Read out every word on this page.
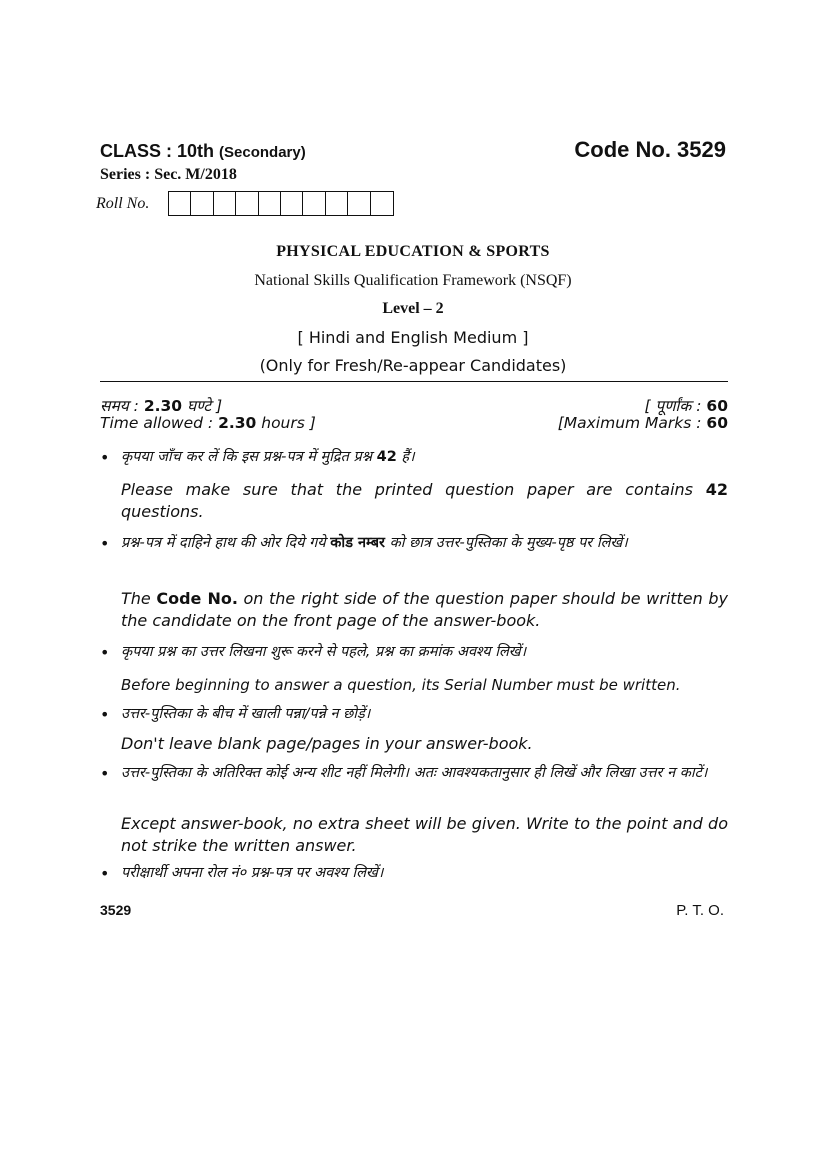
CLASS : 10th (Secondary)	Code No. 3529
Series : Sec. M/2018
Roll No.
PHYSICAL EDUCATION & SPORTS
National Skills Qualification Framework (NSQF)
Level – 2
[ Hindi and English Medium ]
(Only for Fresh/Re-appear Candidates)
समय : 2.30 घण्टे ]	[ पूर्णांक : 60
Time allowed : 2.30 hours ]	[Maximum Marks : 60
• कृपया जाँच कर लें कि इस प्रश्न-पत्र में मुद्रित प्रश्न 42 हैं।
Please make sure that the printed question paper are contains 42 questions.
• प्रश्न-पत्र में दाहिने हाथ की ओर दिये गये कोड नम्बर को छात्र उत्तर-पुस्तिका के मुख्य-पृष्ठ पर लिखें।
The Code No. on the right side of the question paper should be written by the candidate on the front page of the answer-book.
• कृपया प्रश्न का उत्तर लिखना शुरू करने से पहले, प्रश्न का क्रमांक अवश्य लिखें।
Before beginning to answer a question, its Serial Number must be written.
• उत्तर-पुस्तिका के बीच में खाली पन्ना/पन्ने न छोड़ें।
Don't leave blank page/pages in your answer-book.
• उत्तर-पुस्तिका के अतिरिक्त कोई अन्य शीट नहीं मिलेगी। अतः आवश्यकतानुसार ही लिखें और लिखा उत्तर न काटें।
Except answer-book, no extra sheet will be given. Write to the point and do not strike the written answer.
• परीक्षार्थी अपना रोल नं० प्रश्न-पत्र पर अवश्य लिखें।
3529	P. T. O.
